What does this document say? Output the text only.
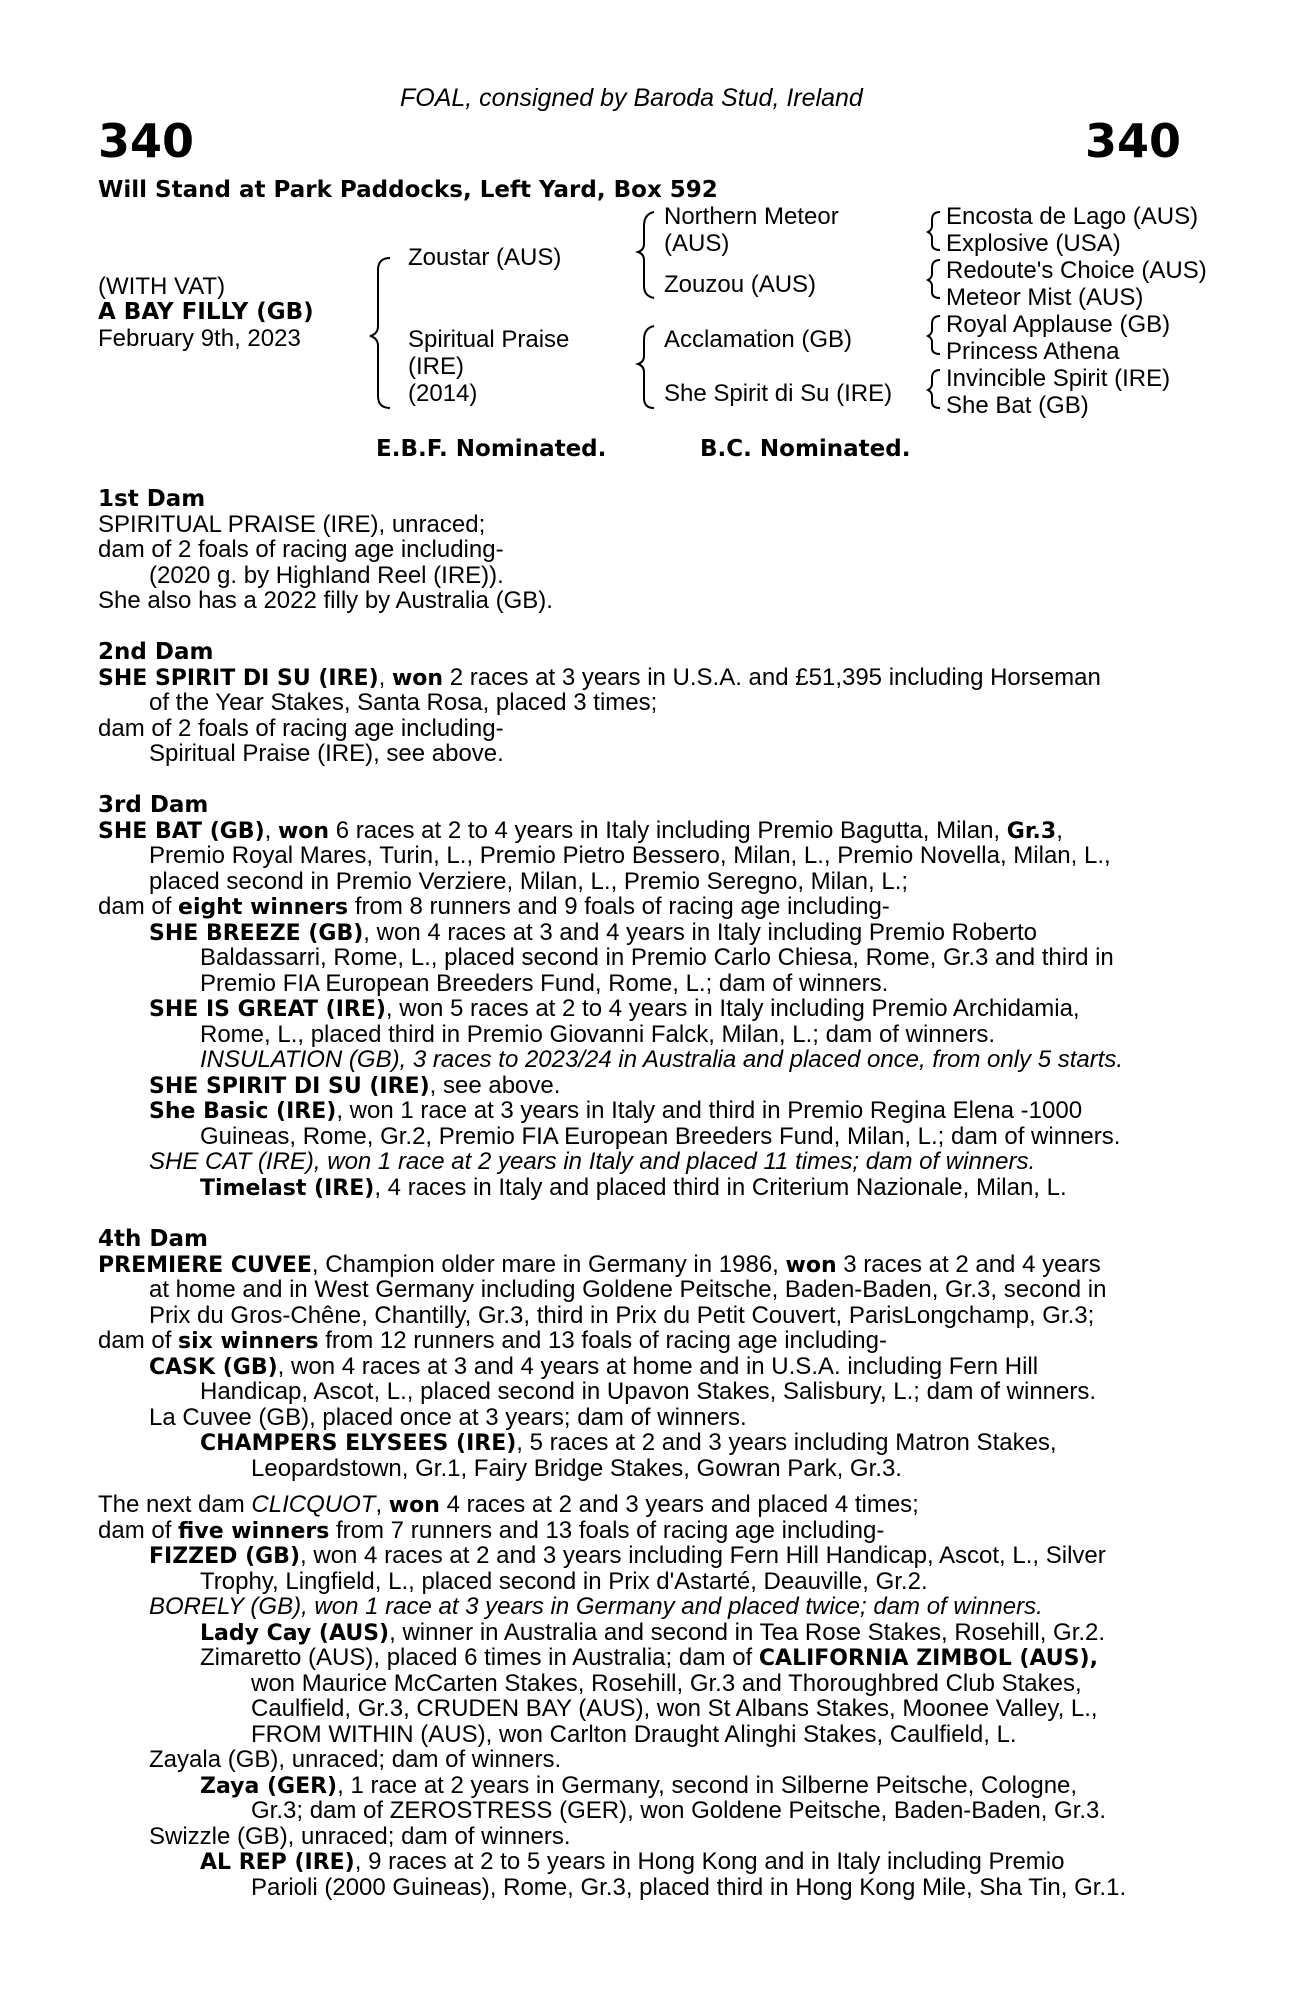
FOAL, consigned by Baroda Stud, Ireland
340	340
Will Stand at Park Paddocks, Left Yard, Box 592
(WITH VAT)
A BAY FILLY (GB)
February 9th, 2023
Zoustar (AUS)
Spiritual Praise
(IRE)
(2014)
Northern Meteor
(AUS)
Zouzou (AUS)
Acclamation (GB)
She Spirit di Su (IRE)
Encosta de Lago (AUS)
Explosive (USA)
Redoute's Choice (AUS)
Meteor Mist (AUS)
Royal Applause (GB)
Princess Athena
Invincible Spirit (IRE)
She Bat (GB)
E.B.F. Nominated.	B.C. Nominated.
1st Dam
SPIRITUAL PRAISE (IRE), unraced;
dam of 2 foals of racing age including-
(2020 g. by Highland Reel (IRE)).
She also has a 2022 filly by Australia (GB).
2nd Dam
SHE SPIRIT DI SU (IRE), won 2 races at 3 years in U.S.A. and £51,395 including Horseman
of the Year Stakes, Santa Rosa, placed 3 times;
dam of 2 foals of racing age including-
Spiritual Praise (IRE), see above.
3rd Dam
SHE BAT (GB), won 6 races at 2 to 4 years in Italy including Premio Bagutta, Milan, Gr.3,
Premio Royal Mares, Turin, L., Premio Pietro Bessero, Milan, L., Premio Novella, Milan, L.,
placed second in Premio Verziere, Milan, L., Premio Seregno, Milan, L.;
dam of eight winners from 8 runners and 9 foals of racing age including-
SHE BREEZE (GB), won 4 races at 3 and 4 years in Italy including Premio Roberto
Baldassarri, Rome, L., placed second in Premio Carlo Chiesa, Rome, Gr.3 and third in
Premio FIA European Breeders Fund, Rome, L.; dam of winners.
SHE IS GREAT (IRE), won 5 races at 2 to 4 years in Italy including Premio Archidamia,
Rome, L., placed third in Premio Giovanni Falck, Milan, L.; dam of winners.
INSULATION (GB), 3 races to 2023/24 in Australia and placed once, from only 5 starts.
SHE SPIRIT DI SU (IRE), see above.
She Basic (IRE), won 1 race at 3 years in Italy and third in Premio Regina Elena -1000
Guineas, Rome, Gr.2, Premio FIA European Breeders Fund, Milan, L.; dam of winners.
SHE CAT (IRE), won 1 race at 2 years in Italy and placed 11 times; dam of winners.
Timelast (IRE), 4 races in Italy and placed third in Criterium Nazionale, Milan, L.
4th Dam
PREMIERE CUVEE, Champion older mare in Germany in 1986, won 3 races at 2 and 4 years
at home and in West Germany including Goldene Peitsche, Baden-Baden, Gr.3, second in
Prix du Gros-Chêne, Chantilly, Gr.3, third in Prix du Petit Couvert, ParisLongchamp, Gr.3;
dam of six winners from 12 runners and 13 foals of racing age including-
CASK (GB), won 4 races at 3 and 4 years at home and in U.S.A. including Fern Hill
Handicap, Ascot, L., placed second in Upavon Stakes, Salisbury, L.; dam of winners.
La Cuvee (GB), placed once at 3 years; dam of winners.
CHAMPERS ELYSEES (IRE), 5 races at 2 and 3 years including Matron Stakes,
Leopardstown, Gr.1, Fairy Bridge Stakes, Gowran Park, Gr.3.
The next dam CLICQUOT, won 4 races at 2 and 3 years and placed 4 times;
dam of five winners from 7 runners and 13 foals of racing age including-
FIZZED (GB), won 4 races at 2 and 3 years including Fern Hill Handicap, Ascot, L., Silver
Trophy, Lingfield, L., placed second in Prix d'Astarté, Deauville, Gr.2.
BORELY (GB), won 1 race at 3 years in Germany and placed twice; dam of winners.
Lady Cay (AUS), winner in Australia and second in Tea Rose Stakes, Rosehill, Gr.2.
Zimaretto (AUS), placed 6 times in Australia; dam of CALIFORNIA ZIMBOL (AUS),
won Maurice McCarten Stakes, Rosehill, Gr.3 and Thoroughbred Club Stakes,
Caulfield, Gr.3, CRUDEN BAY (AUS), won St Albans Stakes, Moonee Valley, L.,
FROM WITHIN (AUS), won Carlton Draught Alinghi Stakes, Caulfield, L.
Zayala (GB), unraced; dam of winners.
Zaya (GER), 1 race at 2 years in Germany, second in Silberne Peitsche, Cologne,
Gr.3; dam of ZEROSTRESS (GER), won Goldene Peitsche, Baden-Baden, Gr.3.
Swizzle (GB), unraced; dam of winners.
AL REP (IRE), 9 races at 2 to 5 years in Hong Kong and in Italy including Premio
Parioli (2000 Guineas), Rome, Gr.3, placed third in Hong Kong Mile, Sha Tin, Gr.1.
